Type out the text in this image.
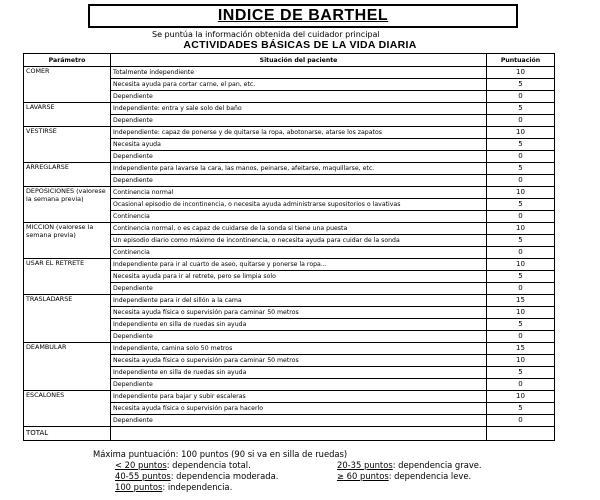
INDICE DE BARTHEL
Se puntúa la información obtenida del cuidador principal
ACTIVIDADES BÁSICAS DE LA VIDA DIARIA
Parámetro	Situación del paciente	Puntuación
COMER	Totalmente independiente	10
	Necesita ayuda para cortar carne, el pan, etc.	5
	Dependiente	0
LAVARSE	Independiente: entra y sale solo del baño	5
	Dependiente	0
VESTIRSE	Independiente: capaz de ponerse y de quitarse la ropa, abotonarse, atarse los zapatos	10
	Necesita ayuda	5
	Dependiente	0
ARREGLARSE	Independiente para lavarse la cara, las manos, peinarse, afeitarse, maquillarse, etc.	5
	Dependiente	0
DEPOSICIONES (valorese la semana previa)	Continencia normal	10
	Ocasional episodio de incontinencia, o necesita ayuda administrarse supositorios o lavativas	5
	Continencia	0
MICCION (valorese la semana previa)	Continencia normal, o es capaz de cuidarse de la sonda si tiene una puesta	10
	Un episodio diario como máximo de incontinencia, o necesita ayuda para cuidar de la sonda	5
	Continencia	0
USAR EL RETRETE	Independiente para ir al cuarto de aseo, quitarse y ponerse la ropa...	10
	Necesita ayuda para ir al retrete, pero se limpia solo	5
	Dependiente	0
TRASLADARSE	Independiente para ir del sillón a la cama	15
	Necesita ayuda física o supervisión para caminar 50 metros	10
	Independiente en silla de ruedas sin ayuda	5
	Dependiente	0
DEAMBULAR	Independiente, camina solo 50 metros	15
	Necesita ayuda física o supervisión para caminar 50 metros	10
	Independiente en silla de ruedas sin ayuda	5
	Dependiente	0
ESCALONES	Independiente para bajar y subir escaleras	10
	Necesita ayuda física o supervisión para hacerlo	5
	Dependiente	0
TOTAL		
Máxima puntuación: 100 puntos (90 si va en silla de ruedas)
< 20 puntos: dependencia total.	20-35 puntos: dependencia grave.
40-55 puntos: dependencia moderada.	≥ 60 puntos: dependencia leve.
100 puntos: independencia.
